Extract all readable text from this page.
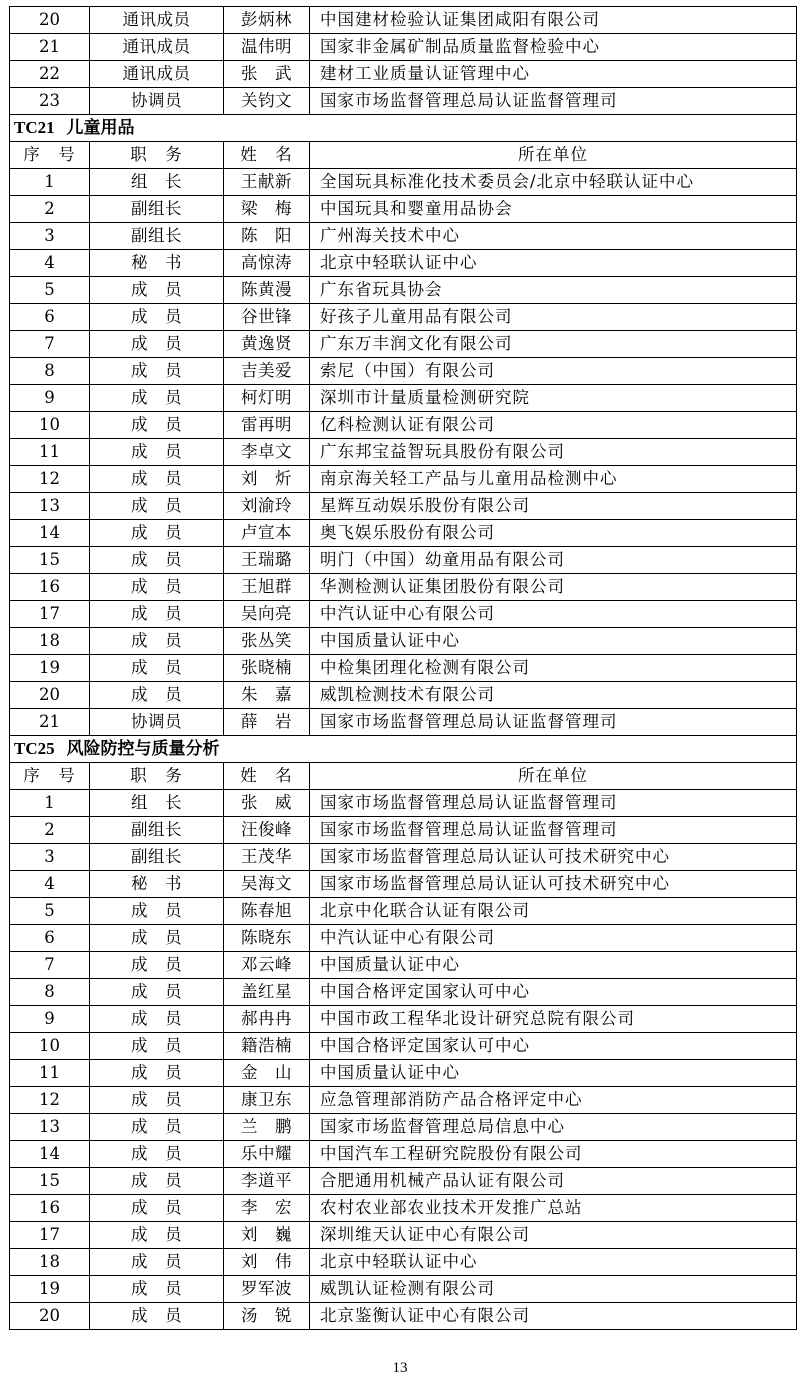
20	通讯成员	彭炳林	中国建材检验认证集团咸阳有限公司
21	通讯成员	温伟明	国家非金属矿制品质量监督检验中心
22	通讯成员	张　武	建材工业质量认证管理中心
23	协调员	关钧文	国家市场监督管理总局认证监督管理司
TC21 儿童用品			
序　号	职　务	姓　名	所在单位
1	组　长	王献新	全国玩具标准化技术委员会/北京中轻联认证中心
2	副组长	梁　梅	中国玩具和婴童用品协会
3	副组长	陈　阳	广州海关技术中心
4	秘　书	高惊涛	北京中轻联认证中心
5	成　员	陈黄漫	广东省玩具协会
6	成　员	谷世锋	好孩子儿童用品有限公司
7	成　员	黄逸贤	广东万丰润文化有限公司
8	成　员	吉美爱	索尼（中国）有限公司
9	成　员	柯灯明	深圳市计量质量检测研究院
10	成　员	雷再明	亿科检测认证有限公司
11	成　员	李卓文	广东邦宝益智玩具股份有限公司
12	成　员	刘　炘	南京海关轻工产品与儿童用品检测中心
13	成　员	刘渝玲	星辉互动娱乐股份有限公司
14	成　员	卢宣本	奥飞娱乐股份有限公司
15	成　员	王瑞璐	明门（中国）幼童用品有限公司
16	成　员	王旭群	华测检测认证集团股份有限公司
17	成　员	吴向亮	中汽认证中心有限公司
18	成　员	张丛笑	中国质量认证中心
19	成　员	张晓楠	中检集团理化检测有限公司
20	成　员	朱　嘉	威凯检测技术有限公司
21	协调员	薛　岩	国家市场监督管理总局认证监督管理司
TC25 风险防控与质量分析			
序　号	职　务	姓　名	所在单位
1	组　长	张　威	国家市场监督管理总局认证监督管理司
2	副组长	汪俊峰	国家市场监督管理总局认证监督管理司
3	副组长	王茂华	国家市场监督管理总局认证认可技术研究中心
4	秘　书	吴海文	国家市场监督管理总局认证认可技术研究中心
5	成　员	陈春旭	北京中化联合认证有限公司
6	成　员	陈晓东	中汽认证中心有限公司
7	成　员	邓云峰	中国质量认证中心
8	成　员	盖红星	中国合格评定国家认可中心
9	成　员	郝冉冉	中国市政工程华北设计研究总院有限公司
10	成　员	籍浩楠	中国合格评定国家认可中心
11	成　员	金　山	中国质量认证中心
12	成　员	康卫东	应急管理部消防产品合格评定中心
13	成　员	兰　鹏	国家市场监督管理总局信息中心
14	成　员	乐中耀	中国汽车工程研究院股份有限公司
15	成　员	李道平	合肥通用机械产品认证有限公司
16	成　员	李　宏	农村农业部农业技术开发推广总站
17	成　员	刘　巍	深圳维天认证中心有限公司
18	成　员	刘　伟	北京中轻联认证中心
19	成　员	罗军波	威凯认证检测有限公司
20	成　员	汤　锐	北京鉴衡认证中心有限公司
13
